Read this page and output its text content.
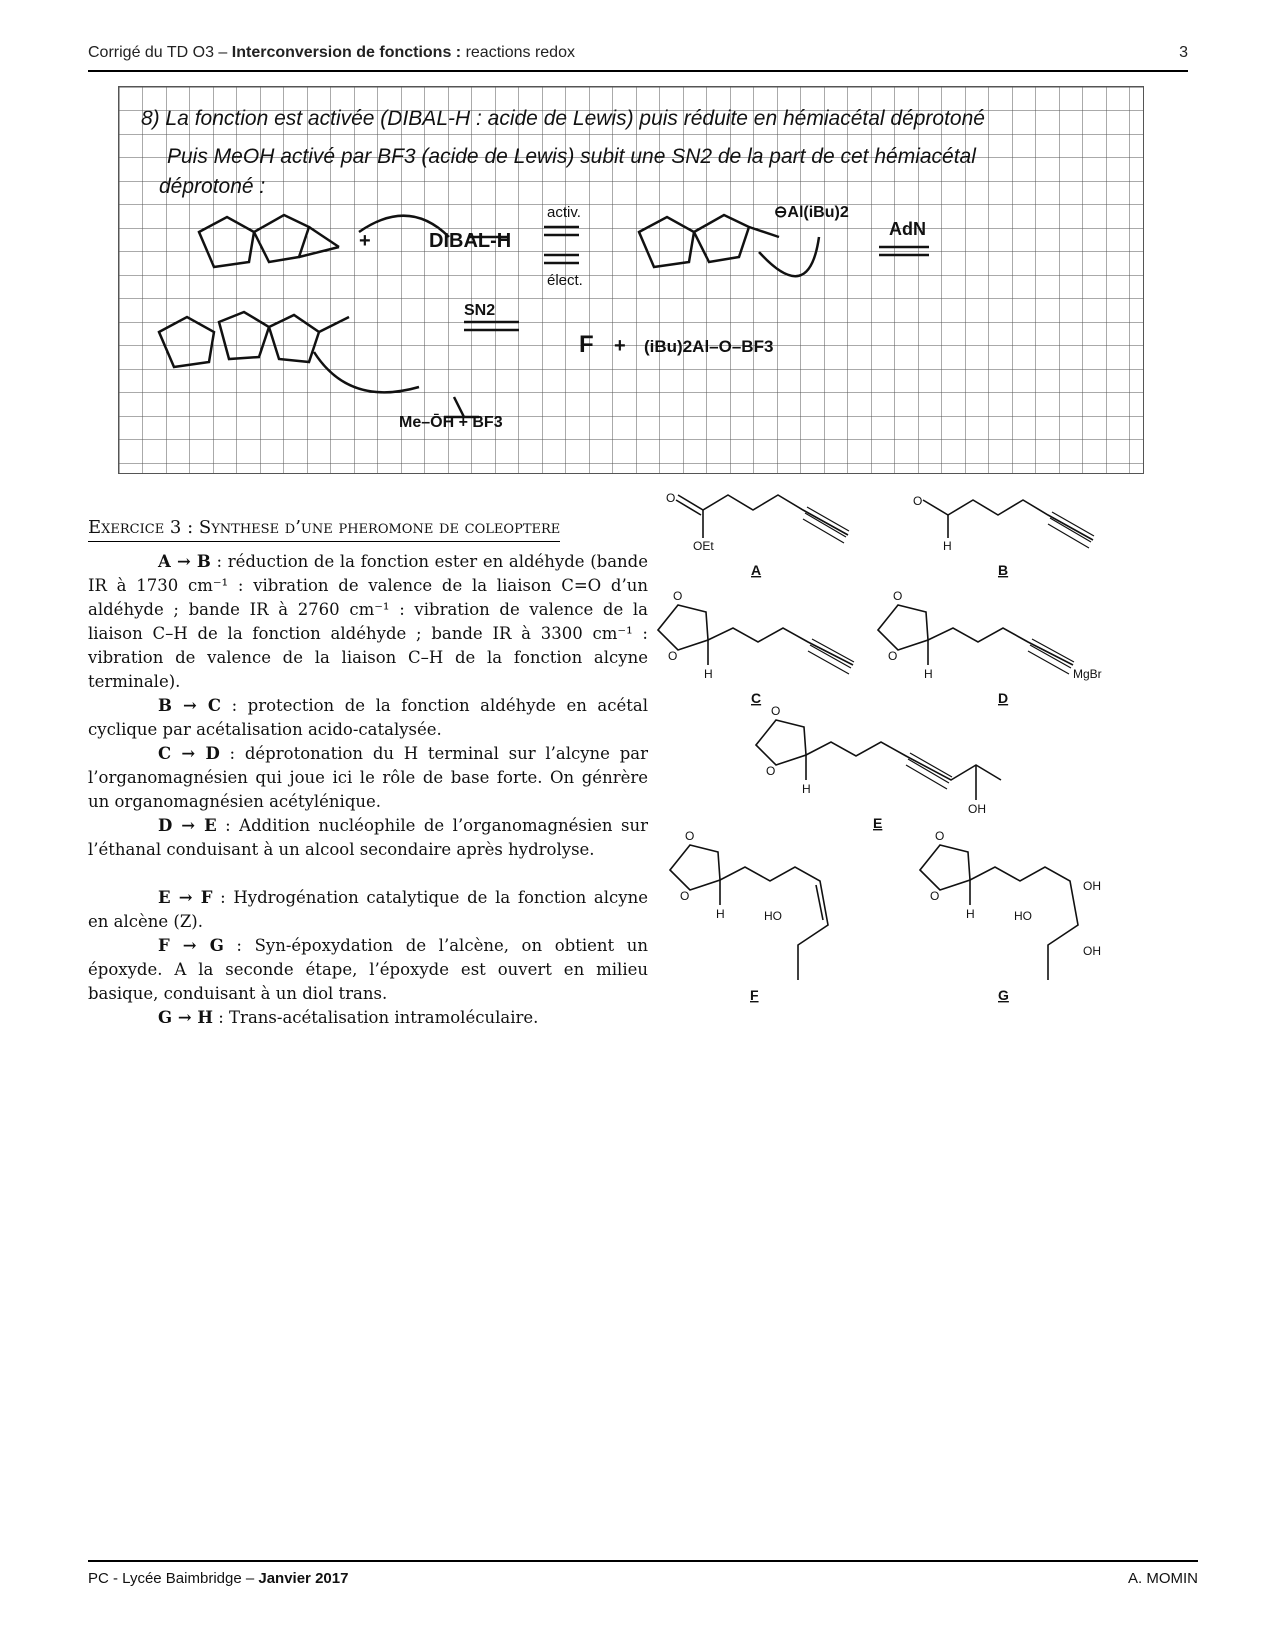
Corrigé du TD O3 – Interconversion de fonctions : reactions redox	3
8) La fonction est activée (DIBAL-H : acide de Lewis) puis réduite en hémiacétal déprotoné
Puis MeOH activé par BF3 (acide de Lewis) subit une SN2 de la part de cet hémiacétal
déprotoné :
+	DIBAL-H
activ.
élect.
AdN
⊖Al(iBu)2
SN2
Me–ŌH + BF3
F + (iBu)2Al–O–BF3
Exercice 3 : Synthese d’une pheromone de coleoptere

A → B : réduction de la fonction ester en aldéhyde (bande IR à 1730 cm⁻¹ : vibration de valence de la liaison C=O d’un aldéhyde ; bande IR à 2760 cm⁻¹ : vibration de valence de la liaison C–H de la fonction aldéhyde ; bande IR à 3300 cm⁻¹ : vibration de valence de la liaison C–H de la fonction alcyne terminale).

B → C : protection de la fonction aldéhyde en acétal cyclique par acétalisation acido-catalysée.

C → D : déprotonation du H terminal sur l’alcyne par l’organomagnésien qui joue ici le rôle de base forte. On génrère un organomagnésien acétylénique.

D → E : Addition nucléophile de l’organomagnésien sur l’éthanal conduisant à un alcool secondaire après hydrolyse.

E → F : Hydrogénation catalytique de la fonction alcyne en alcène (Z).

F → G : Syn-époxydation de l’alcène, on obtient un époxyde. A la seconde étape, l’époxyde est ouvert en milieu basique, conduisant à un diol trans.

G → H : Trans-acétalisation intramoléculaire.

O
OEt
O
H
O
O
H
O
O
H	MgBr
O
O
H
OH
O
O
H	HO
O
O
H	HO
OH
OH
A	B
C	D
E
F	G
PC - Lycée Baimbridge – Janvier 2017	A. MOMIN
